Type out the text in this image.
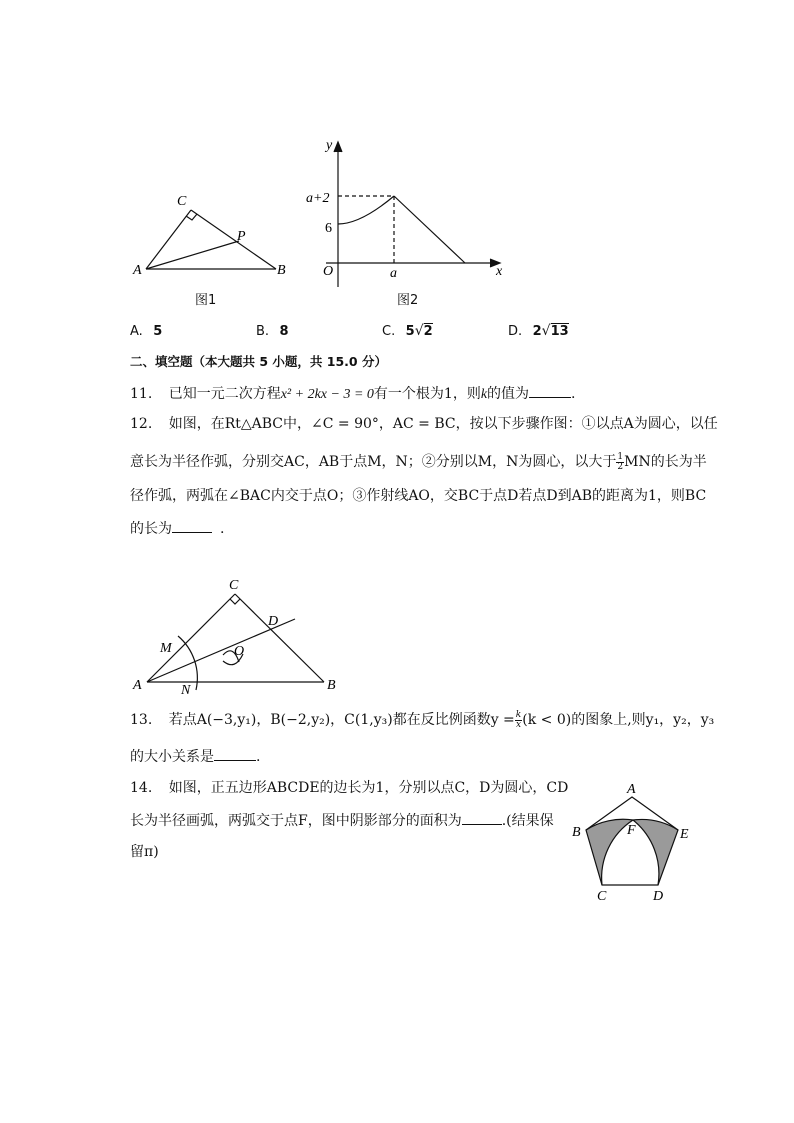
C
A	B
P
图1
y
x
a+2
6
O	a
图2
A. 5	B. 8	C. 5√2	D. 2√13
二、填空题（本大题共 5 小题，共 15.0 分）
11. 已知一元二次方程x² + 2kx − 3 = 0有一个根为1，则k的值为	.
12. 如图，在Rt△ABC中，∠C = 90°，AC = BC，按以下步骤作图：①以点A为圆心，以任
意长为半径作弧，分别交AC，AB于点M，N；②分别以M，N为圆心，以大于 $\frac{1}{2}$ MN的长为半
径作弧，两弧在∠BAC内交于点O；③作射线AO，交BC于点D若点D到AB的距离为1，则BC
的长为	.
C
A	B
D
M
N
O
13. 若点A(−3,y₁)，B(−2,y₂)，C(1,y₃)都在反比例函数$y = \frac{k}{x} (k < 0)$的图象上,则y₁，y₂，y₃
的大小关系是	.
14. 如图，正五边形ABCDE的边长为1，分别以点C，D为圆心，CD
长为半径画弧，两弧交于点F，图中阴影部分的面积为	.(结果保
留π)
A
B	E
F
C	D
